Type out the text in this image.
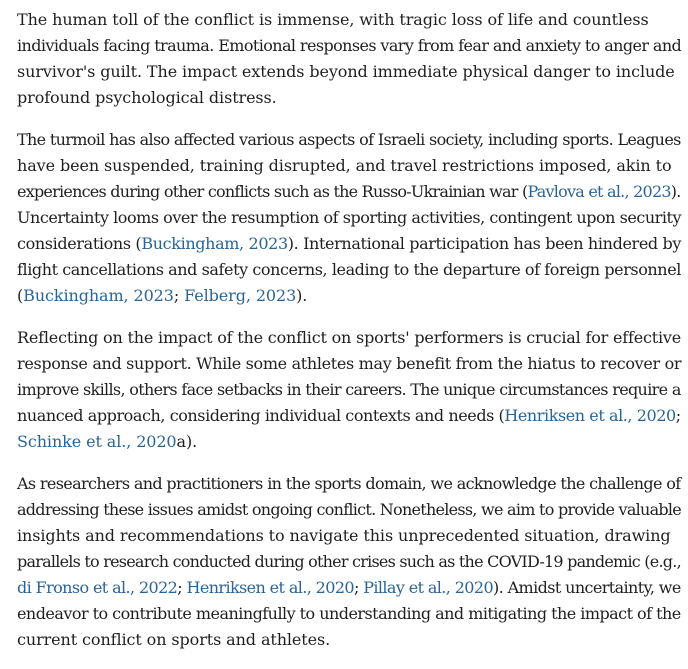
The human toll of the conflict is immense, with tragic loss of life and countless
individuals facing trauma. Emotional responses vary from fear and anxiety to anger and
survivor's guilt. The impact extends beyond immediate physical danger to include
profound psychological distress.

The turmoil has also affected various aspects of Israeli society, including sports. Leagues
have been suspended, training disrupted, and travel restrictions imposed, akin to
experiences during other conflicts such as the Russo-Ukrainian war (Pavlova et al., 2023).
Uncertainty looms over the resumption of sporting activities, contingent upon security
considerations (Buckingham, 2023). International participation has been hindered by
flight cancellations and safety concerns, leading to the departure of foreign personnel
(Buckingham, 2023; Felberg, 2023).

Reflecting on the impact of the conflict on sports' performers is crucial for effective
response and support. While some athletes may benefit from the hiatus to recover or
improve skills, others face setbacks in their careers. The unique circumstances require a
nuanced approach, considering individual contexts and needs (Henriksen et al., 2020;
Schinke et al., 2020a).

As researchers and practitioners in the sports domain, we acknowledge the challenge of
addressing these issues amidst ongoing conflict. Nonetheless, we aim to provide valuable
insights and recommendations to navigate this unprecedented situation, drawing
parallels to research conducted during other crises such as the COVID-19 pandemic (e.g.,
di Fronso et al., 2022; Henriksen et al., 2020; Pillay et al., 2020). Amidst uncertainty, we
endeavor to contribute meaningfully to understanding and mitigating the impact of the
current conflict on sports and athletes.
